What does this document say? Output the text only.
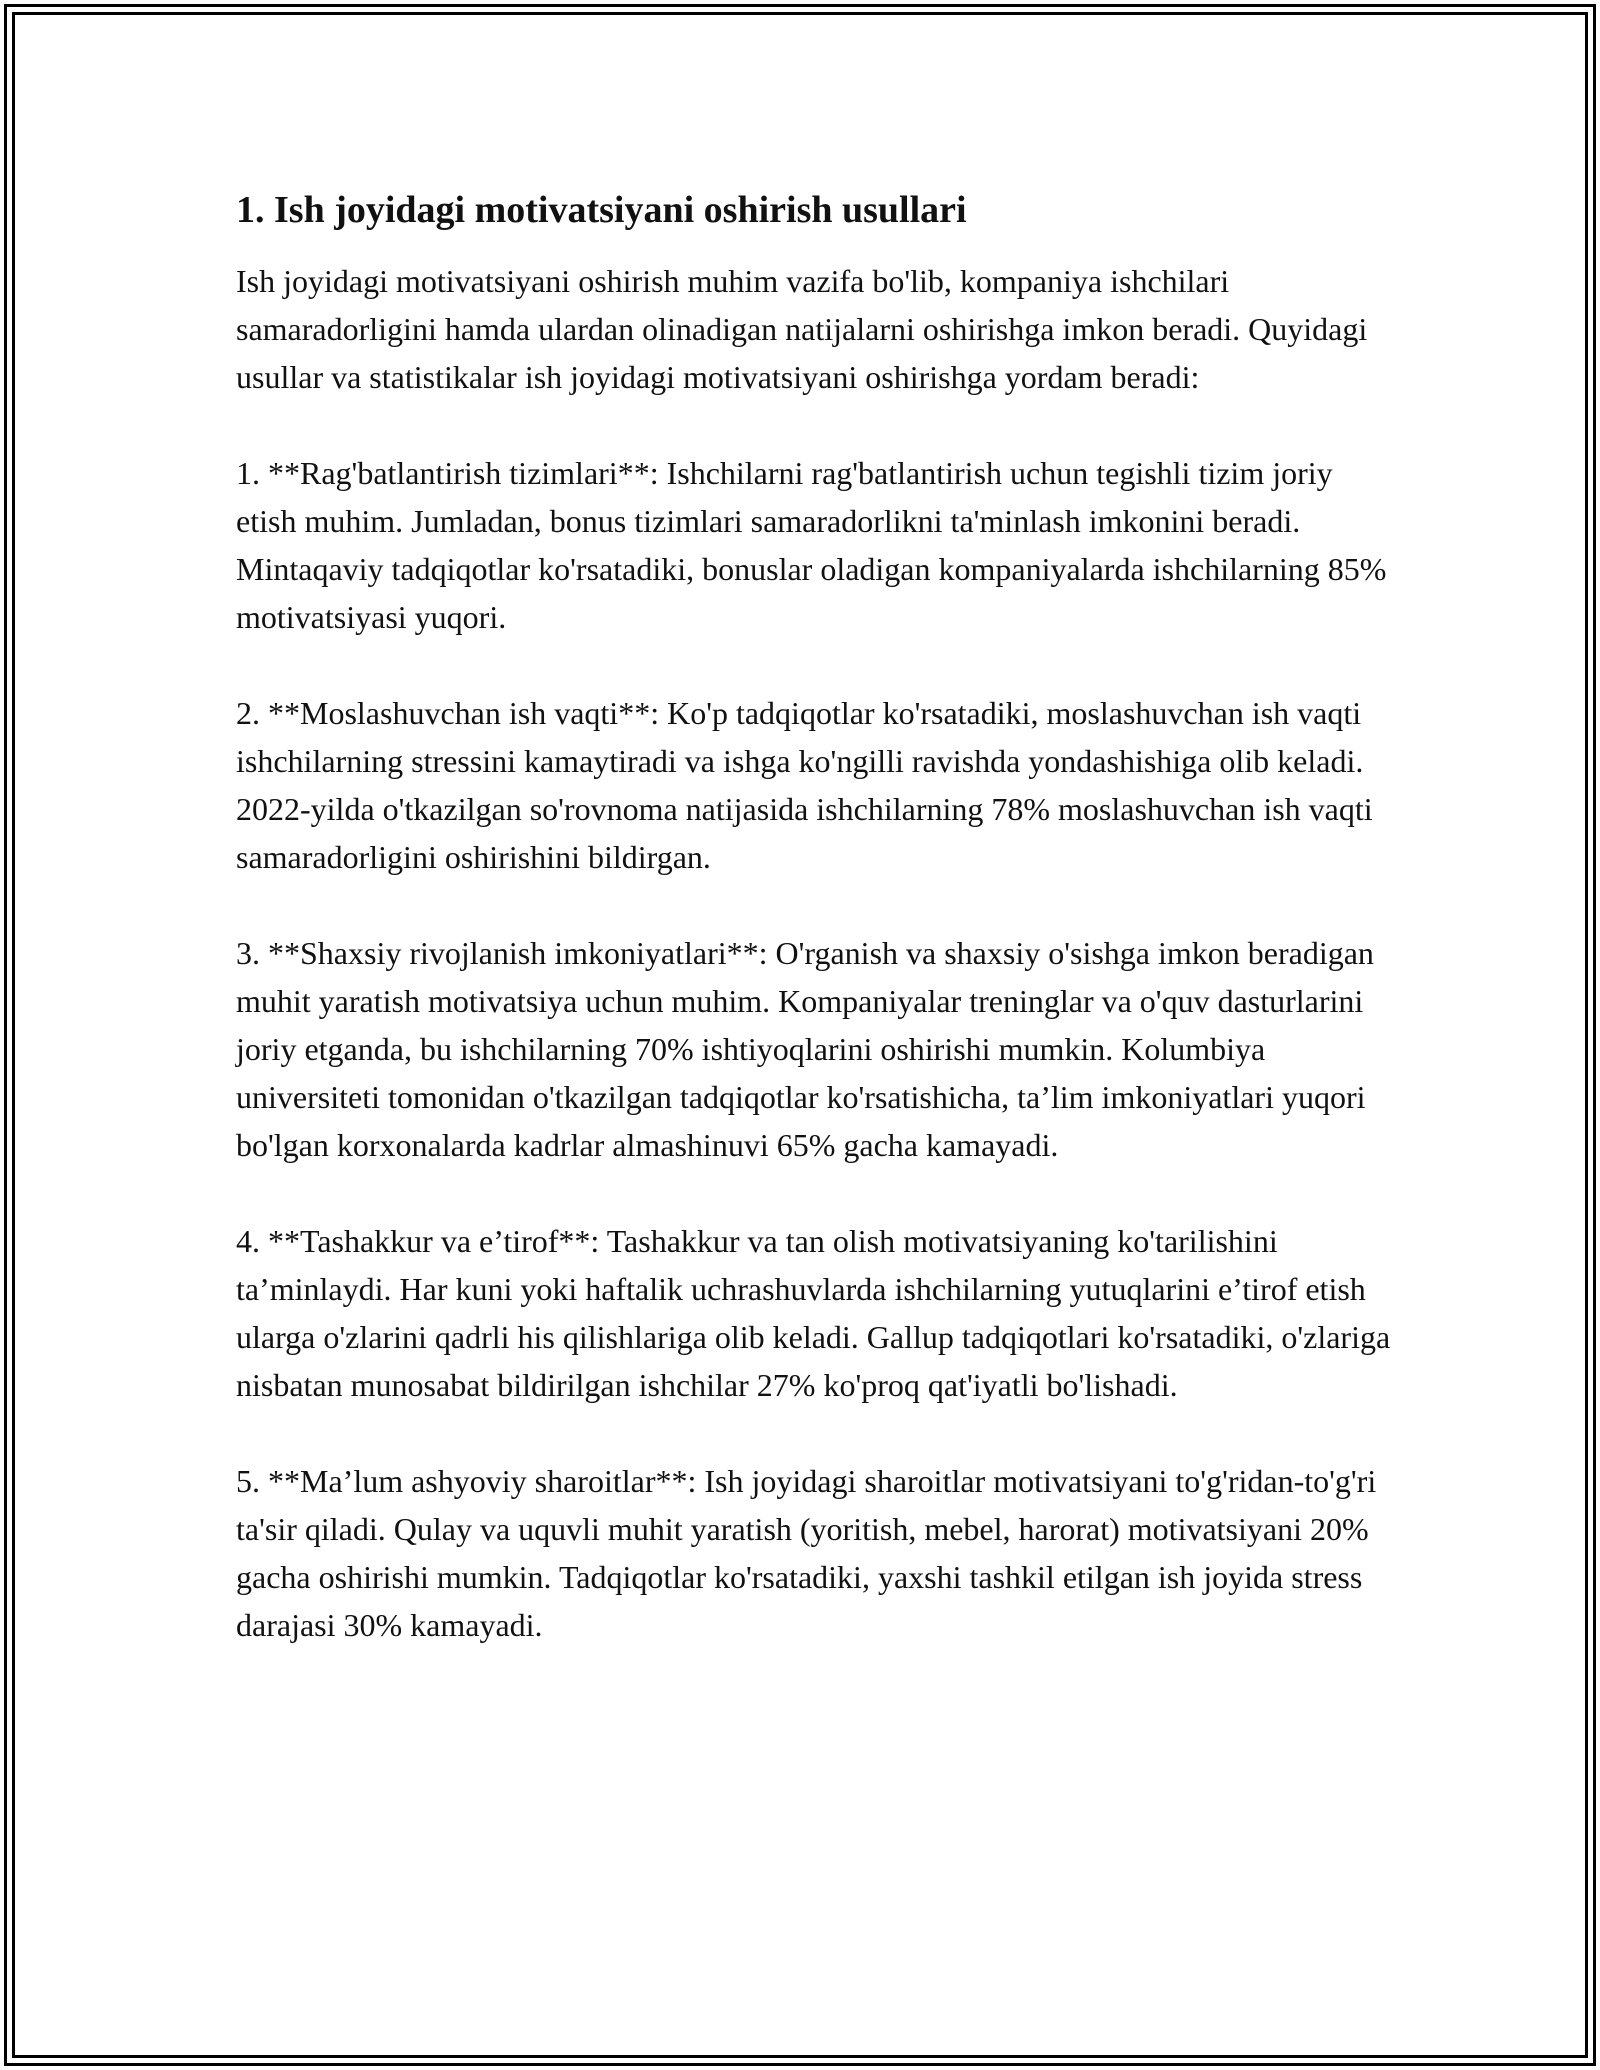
1. Ish joyidagi motivatsiyani oshirish usullari

Ish joyidagi motivatsiyani oshirish muhim vazifa bo'lib, kompaniya ishchilari samaradorligini hamda ulardan olinadigan natijalarni oshirishga imkon beradi. Quyidagi usullar va statistikalar ish joyidagi motivatsiyani oshirishga yordam beradi:

1. **Rag'batlantirish tizimlari**: Ishchilarni rag'batlantirish uchun tegishli tizim joriy etish muhim. Jumladan, bonus tizimlari samaradorlikni ta'minlash imkonini beradi. Mintaqaviy tadqiqotlar ko'rsatadiki, bonuslar oladigan kompaniyalarda ishchilarning 85% motivatsiyasi yuqori.

2. **Moslashuvchan ish vaqti**: Ko'p tadqiqotlar ko'rsatadiki, moslashuvchan ish vaqti ishchilarning stressini kamaytiradi va ishga ko'ngilli ravishda yondashishiga olib keladi. 2022-yilda o'tkazilgan so'rovnoma natijasida ishchilarning 78% moslashuvchan ish vaqti samaradorligini oshirishini bildirgan.

3. **Shaxsiy rivojlanish imkoniyatlari**: O'rganish va shaxsiy o'sishga imkon beradigan muhit yaratish motivatsiya uchun muhim. Kompaniyalar treninglar va o'quv dasturlarini joriy etganda, bu ishchilarning 70% ishtiyoqlarini oshirishi mumkin. Kolumbiya universiteti tomonidan o'tkazilgan tadqiqotlar ko'rsatishicha, ta’lim imkoniyatlari yuqori bo'lgan korxonalarda kadrlar almashinuvi 65% gacha kamayadi.

4. **Tashakkur va e’tirof**: Tashakkur va tan olish motivatsiyaning ko'tarilishini ta’minlaydi. Har kuni yoki haftalik uchrashuvlarda ishchilarning yutuqlarini e’tirof etish ularga o'zlarini qadrli his qilishlariga olib keladi. Gallup tadqiqotlari ko'rsatadiki, o'zlariga nisbatan munosabat bildirilgan ishchilar 27% ko'proq qat'iyatli bo'lishadi.

5. **Ma’lum ashyoviy sharoitlar**: Ish joyidagi sharoitlar motivatsiyani to'g'ridan-to'g'ri ta'sir qiladi. Qulay va uquvli muhit yaratish (yoritish, mebel, harorat) motivatsiyani 20% gacha oshirishi mumkin. Tadqiqotlar ko'rsatadiki, yaxshi tashkil etilgan ish joyida stress darajasi 30% kamayadi.
